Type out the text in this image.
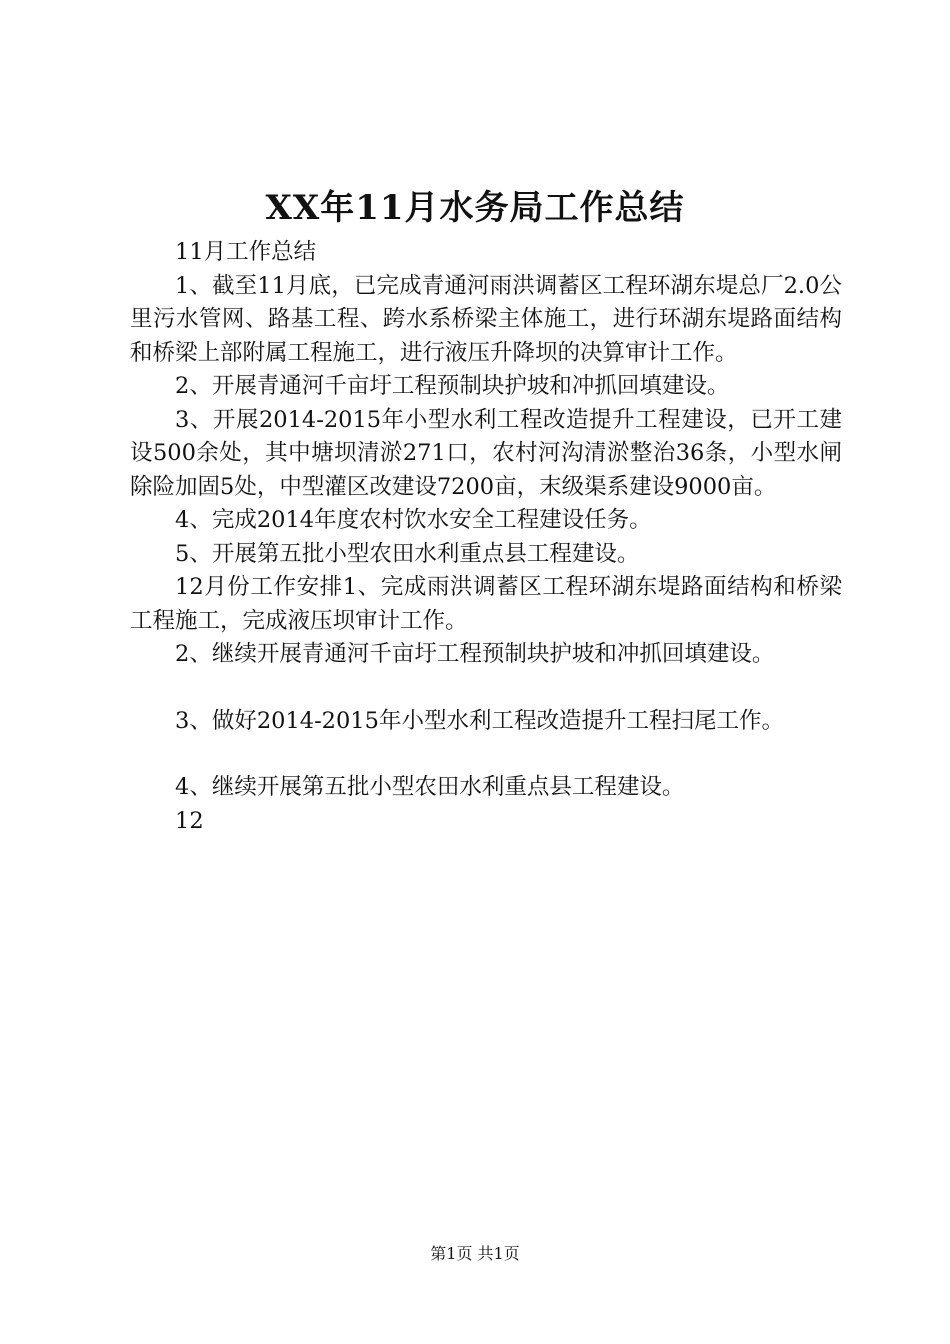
XX年11月水务局工作总结

11月工作总结

1、截至11月底，已完成青通河雨洪调蓄区工程环湖东堤总厂2.0公里污水管网、路基工程、跨水系桥梁主体施工，进行环湖东堤路面结构和桥梁上部附属工程施工，进行液压升降坝的决算审计工作。

2、开展青通河千亩圩工程预制块护坡和冲抓回填建设。

3、开展2014-2015年小型水利工程改造提升工程建设，已开工建设500余处，其中塘坝清淤271口，农村河沟清淤整治36条，小型水闸除险加固5处，中型灌区改建设7200亩，末级渠系建设9000亩。

4、完成2014年度农村饮水安全工程建设任务。

5、开展第五批小型农田水利重点县工程建设。

12月份工作安排1、完成雨洪调蓄区工程环湖东堤路面结构和桥梁工程施工，完成液压坝审计工作。

2、继续开展青通河千亩圩工程预制块护坡和冲抓回填建设。

3、做好2014-2015年小型水利工程改造提升工程扫尾工作。

4、继续开展第五批小型农田水利重点县工程建设。

12

第1页 共1页
